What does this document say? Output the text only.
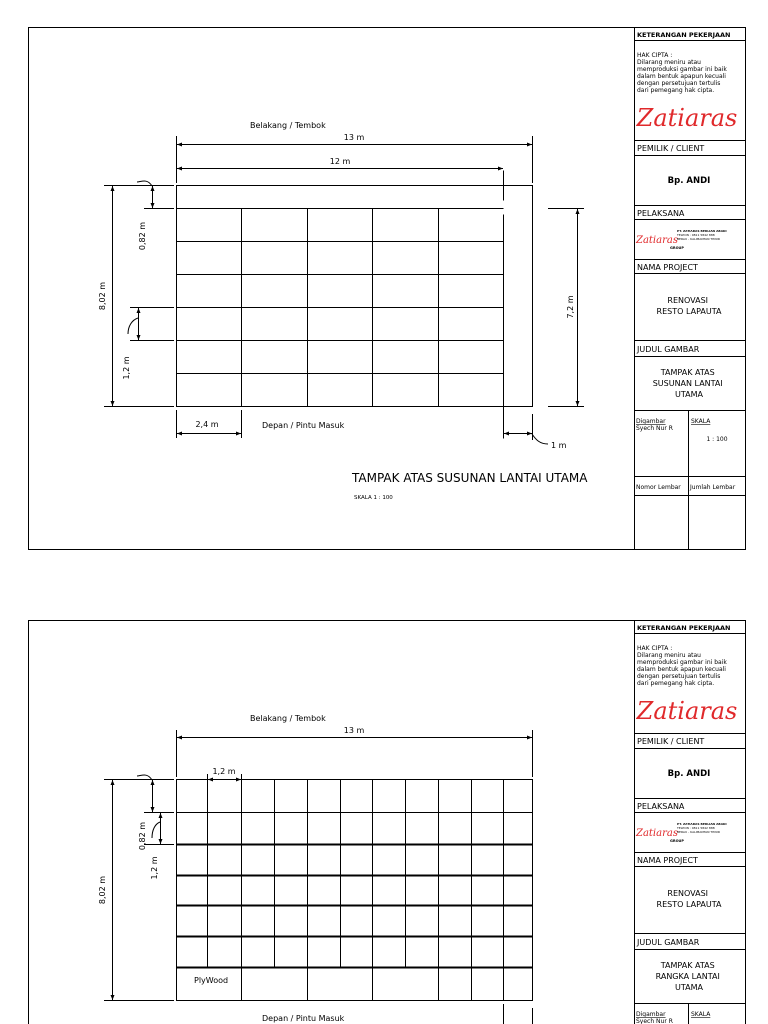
KETERANGAN PEKERJAAN
HAK CIPTA : Dilarang meniru atau memproduksi gambar ini baik dalam bentuk apapun kecuali dengan persetujuan tertulis dari pemegang hak cipta.
Zatiaras
PEMILIK / CLIENT
Bp. ANDI
PELAKSANA
Zatiaras
GROUP
PT. ZATIARAS BERLIAN ABADI TELPON : 0811 5842 888 BERAU - KALIMANTAN TIMUR
NAMA PROJECT
RENOVASI RESTO LAPAUTA
JUDUL GAMBAR
TAMPAK ATAS SUSUNAN LANTAI UTAMA
Digambar
Syech Nur R
SKALA
1 : 100
Nomor Lembar Jumlah Lembar
Belakang / Tembok
13 m
12 m
8,02 m
0,82 m
1,2 m
7,2 m
2,4 m	Depan / Pintu Masuk
1 m
TAMPAK ATAS SUSUNAN LANTAI UTAMA
SKALA 1 : 100
KETERANGAN PEKERJAAN
HAK CIPTA : Dilarang meniru atau memproduksi gambar ini baik dalam bentuk apapun kecuali dengan persetujuan tertulis dari pemegang hak cipta.
Zatiaras
PEMILIK / CLIENT
Bp. ANDI
PELAKSANA
Zatiaras
GROUP
PT. ZATIARAS BERLIAN ABADI TELPON : 0811 5842 888 BERAU - KALIMANTAN TIMUR
NAMA PROJECT
RENOVASI RESTO LAPAUTA
JUDUL GAMBAR
TAMPAK ATAS RANGKA LANTAI UTAMA
Digambar
Syech Nur R
SKALA
Belakang / Tembok
13 m
1,2 m
8,02 m
0,82 m
1,2 m
PlyWood
Depan / Pintu Masuk
